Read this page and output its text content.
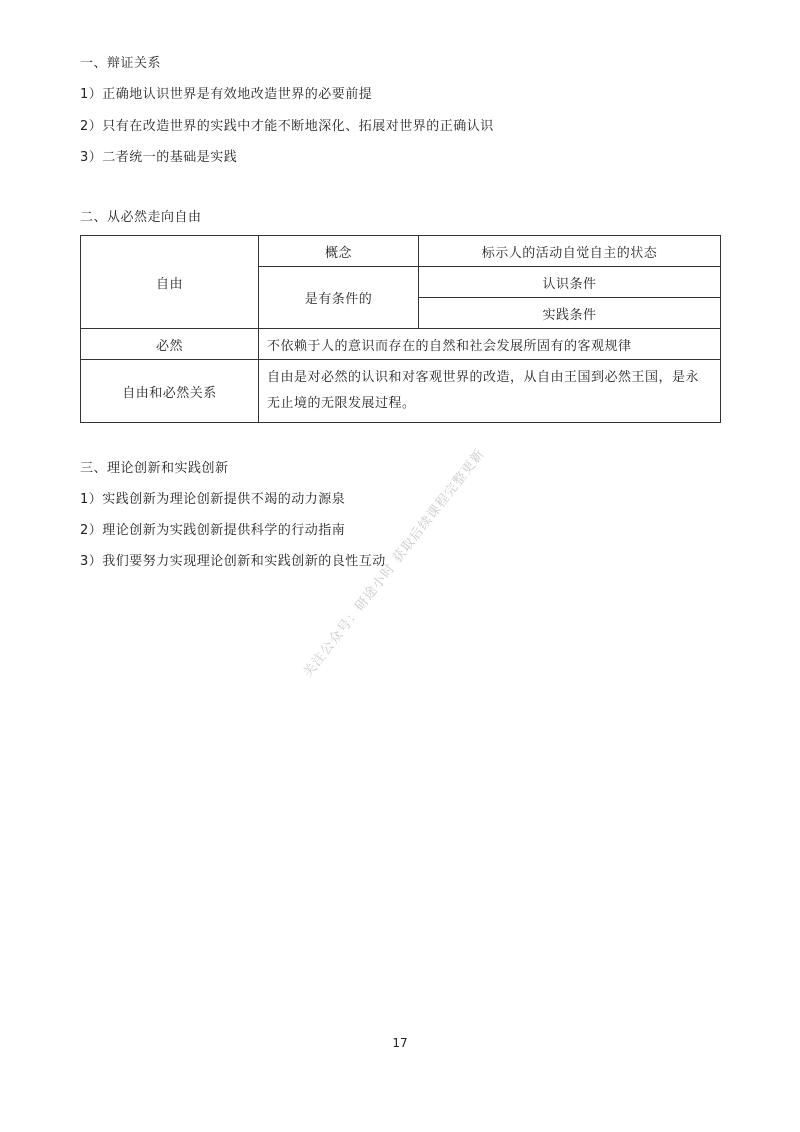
一、辩证关系
1）正确地认识世界是有效地改造世界的必要前提
2）只有在改造世界的实践中才能不断地深化、拓展对世界的正确认识
3）二者统一的基础是实践
二、从必然走向自由
自由	概念	标示人的活动自觉自主的状态
	是有条件的	认识条件
		实践条件
必然	不依赖于人的意识而存在的自然和社会发展所固有的客观规律	
自由和必然关系	自由是对必然的认识和对客观世界的改造，从自由王国到必然王国，是永无止境的无限发展过程。	
三、理论创新和实践创新
1）实践创新为理论创新提供不竭的动力源泉
2）理论创新为实践创新提供科学的行动指南
3）我们要努力实现理论创新和实践创新的良性互动
关注公众号：研途小时 获取后续课程完整更新
17
